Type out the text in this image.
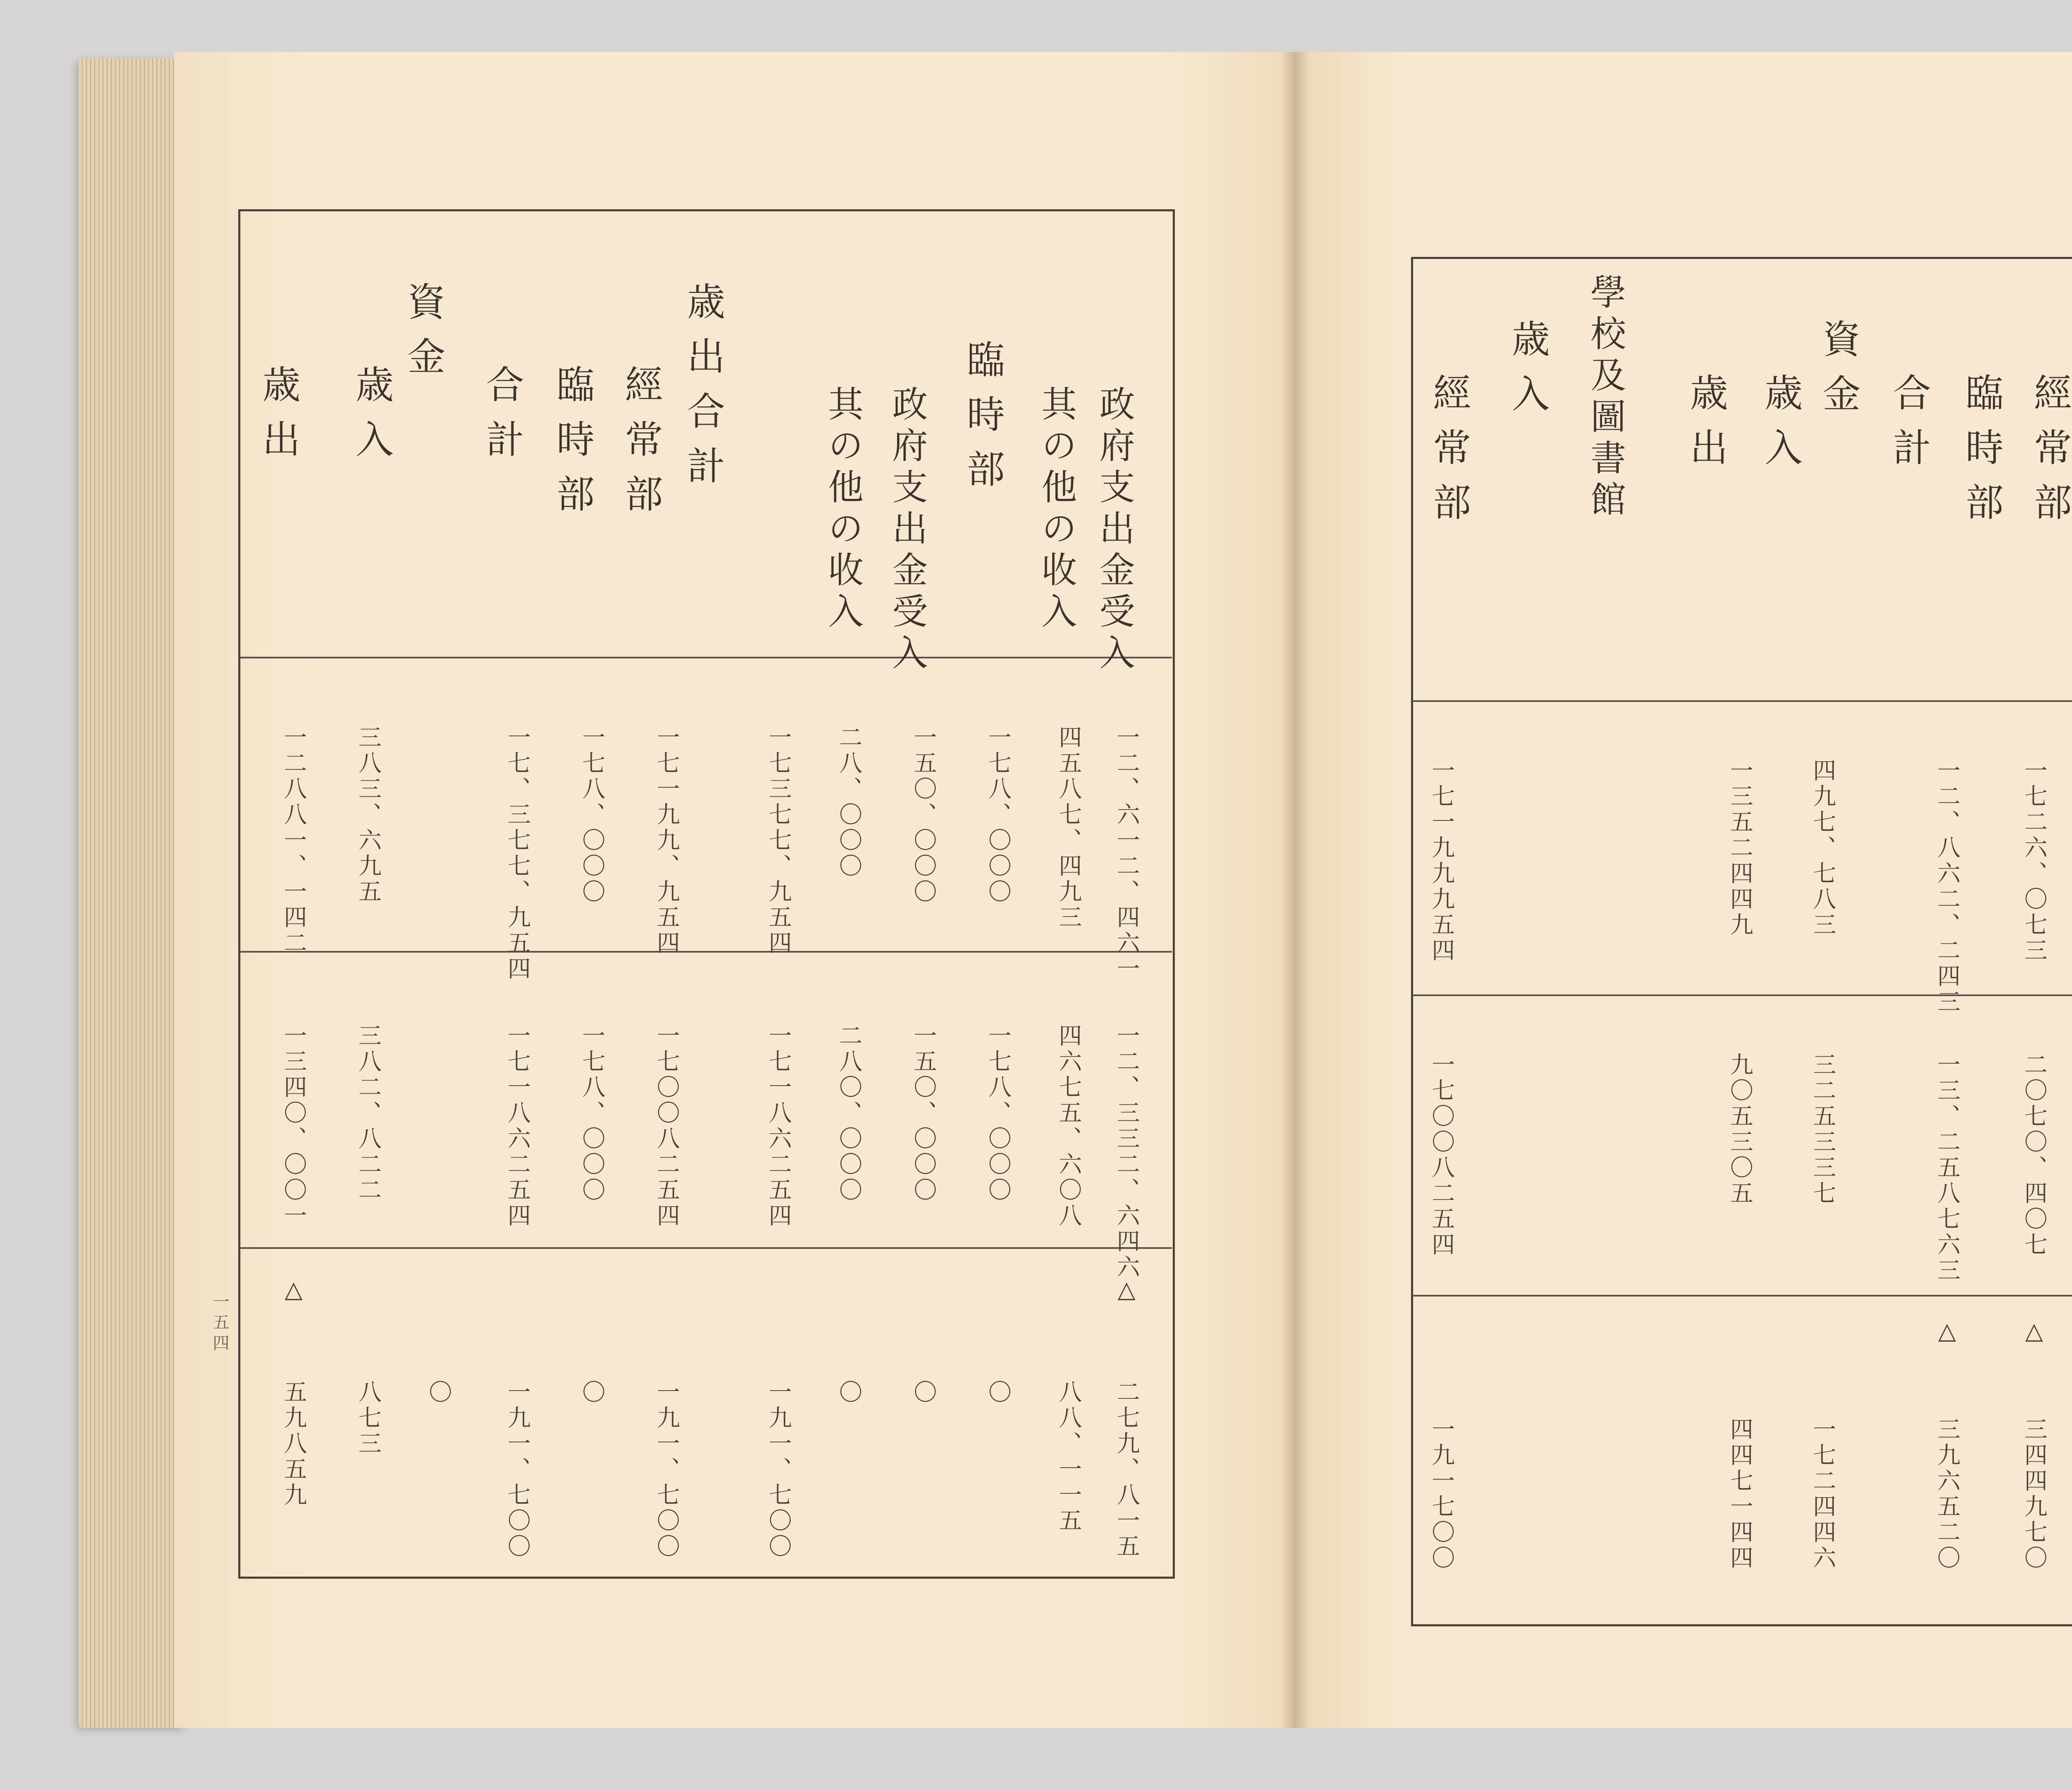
政府支出金受入
其の他の收入
臨時部
其の他の收入 政府支出金受入
歳出合計
經常部
臨時部
合計
資金
歳入
歳出
一二、六一二、四六一
四五八七、四九三
一七八、〇〇〇
一五〇、〇〇〇
二八、〇〇〇
一七三七七、九五四
一七一九九、九五四
一七八、〇〇〇
一七、三七七、九五四
三八三、六九五
一二八八一、一四二
一二、三三二、六四六
四六七五、六〇八
一七八、〇〇〇
一五〇、〇〇〇
二八〇、〇〇〇
一七一八六二五四
一七〇〇八二五四
一七八、〇〇〇
一七一八六二五四
三八二、八二二
一三四〇、〇〇一
△
二七九、八一五
八八、一一五
〇
〇
〇
一九一、七〇〇
一九一、七〇〇
〇
一九一、七〇〇
〇
八七三
△
五九八五九
一五四
經常部
臨時部
合計
資金
歳入
歳出
學校及圖書館
歳入
經常部
一七二六、〇七三
一二、八六二、二四三
四九七、七八三
一三五二四四九
一七一九九九五四
二〇七〇、四〇七
一三、二五八七六三
三二五三三七
九〇五三〇五
一七〇〇八二五四
△
三四四九七〇
△
三九六五二〇
一七二四四六
四四七一四四
一九一七〇〇
